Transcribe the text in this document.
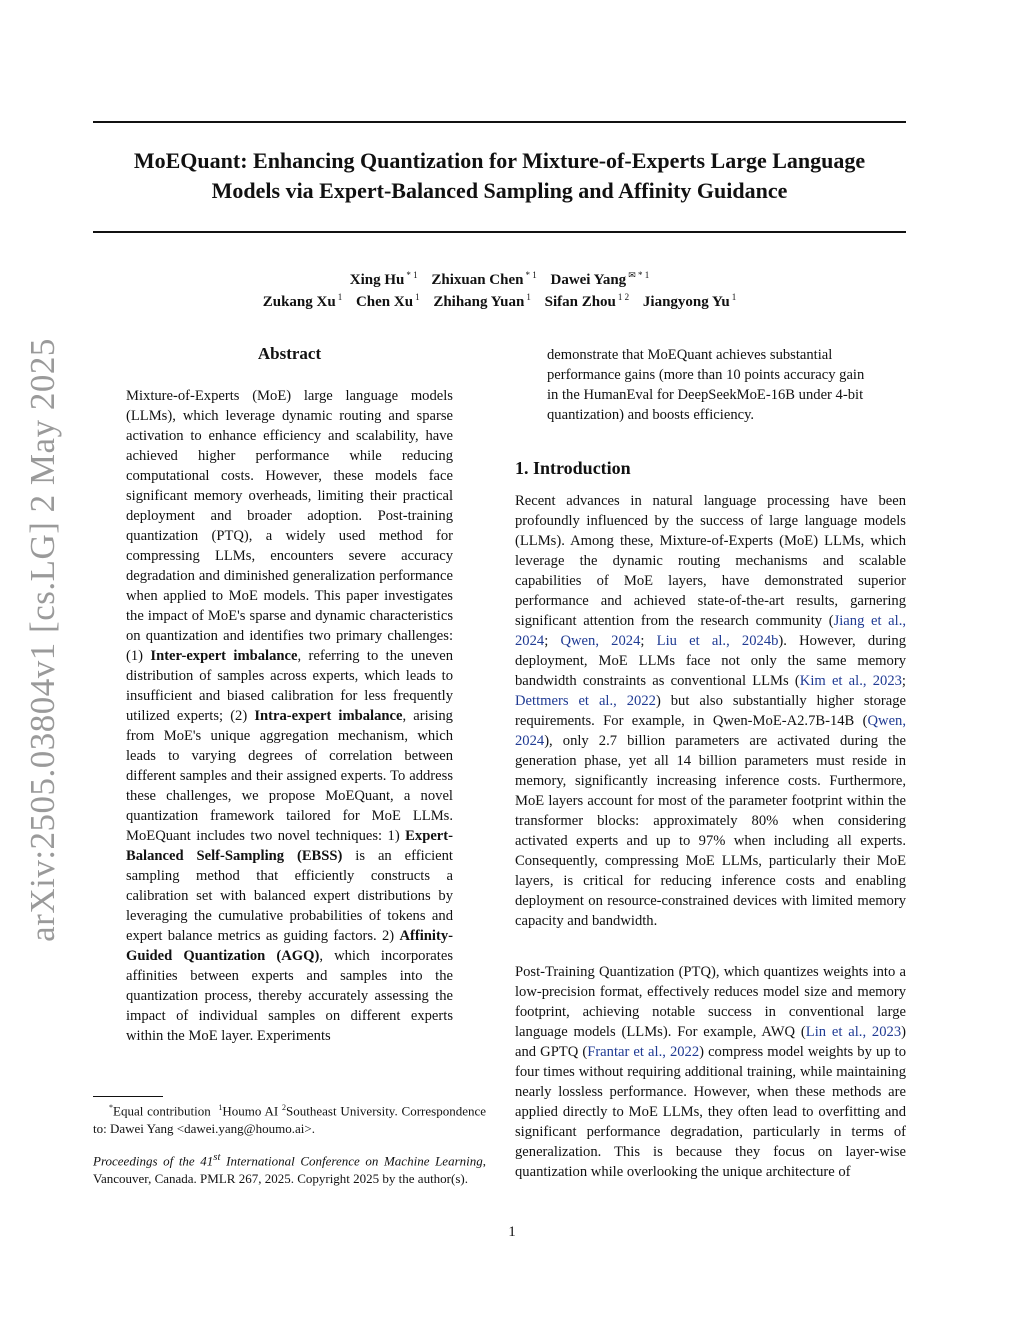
MoEQuant: Enhancing Quantization for Mixture-of-Experts Large Language
Models via Expert-Balanced Sampling and Affinity Guidance
Xing Hu $^{* 1}$ Zhixuan Chen $^{* 1}$ Dawei Yang $^{✉ * 1}$
Zukang Xu $^1$ Chen Xu $^1$ Zhihang Yuan $^1$ Sifan Zhou $^{1 2}$ Jiangyong Yu $^1$
arXiv:2505.03804v1 [cs.LG] 2 May 2025	Abstract

Mixture-of-Experts (MoE) large language models (LLMs), which leverage dynamic routing and sparse activation to enhance efficiency and scalability, have achieved higher performance while reducing computational costs. However, these models face significant memory overheads, limiting their practical deployment and broader adoption. Post-training quantization (PTQ), a widely used method for compressing LLMs, encounters severe accuracy degradation and diminished generalization performance when applied to MoE models. This paper investigates the impact of MoE's sparse and dynamic characteristics on quantization and identifies two primary challenges: (1) Inter-expert imbalance, referring to the uneven distribution of samples across experts, which leads to insufficient and biased calibration for less frequently utilized experts; (2) Intra-expert imbalance, arising from MoE's unique aggregation mechanism, which leads to varying degrees of correlation between different samples and their assigned experts. To address these challenges, we propose MoEQuant, a novel quantization framework tailored for MoE LLMs. MoEQuant includes two novel techniques: 1) Expert-Balanced Self-Sampling (EBSS) is an efficient sampling method that efficiently constructs a calibration set with balanced expert distributions by leveraging the cumulative probabilities of tokens and expert balance metrics as guiding factors. 2) Affinity-Guided Quantization (AGQ), which incorporates affinities between experts and samples into the quantization process, thereby accurately assessing the impact of individual samples on different experts within the MoE layer. Experiments

demonstrate that MoEQuant achieves substantial performance gains (more than 10 points accuracy gain in the HumanEval for DeepSeekMoE-16B under 4-bit quantization) and boosts efficiency.

1. Introduction

Recent advances in natural language processing have been profoundly influenced by the success of large language models (LLMs). Among these, Mixture-of-Experts (MoE) LLMs, which leverage the dynamic routing mechanisms and scalable capabilities of MoE layers, have demonstrated superior performance and achieved state-of-the-art results, garnering significant attention from the research community (Jiang et al., 2024; Qwen, 2024; Liu et al., 2024b). However, during deployment, MoE LLMs face not only the same memory bandwidth constraints as conventional LLMs (Kim et al., 2023; Dettmers et al., 2022) but also substantially higher storage requirements. For example, in Qwen-MoE-A2.7B-14B (Qwen, 2024), only 2.7 billion parameters are activated during the generation phase, yet all 14 billion parameters must reside in memory, significantly increasing inference costs. Furthermore, MoE layers account for most of the parameter footprint within the transformer blocks: approximately 80% when considering activated experts and up to 97% when including all experts. Consequently, compressing MoE LLMs, particularly their MoE layers, is critical for reducing inference costs and enabling deployment on resource-constrained devices with limited memory capacity and bandwidth.

Post-Training Quantization (PTQ), which quantizes weights into a low-precision format, effectively reduces model size and memory footprint, achieving notable success in conventional large language models (LLMs). For example, AWQ (Lin et al., 2023) and GPTQ (Frantar et al., 2022) compress model weights by up to four times without requiring additional training, while maintaining nearly lossless performance. However, when these methods are applied directly to MoE LLMs, they often lead to overfitting and significant performance degradation, particularly in terms of generalization. This is because they focus on layer-wise quantization while overlooking the unique architecture of

*Equal contribution $^1$Houmo AI $^2$Southeast University. Correspondence to: Dawei Yang <dawei.yang@houmo.ai>.
Proceedings of the 41st International Conference on Machine Learning, Vancouver, Canada. PMLR 267, 2025. Copyright 2025 by the author(s).
1
